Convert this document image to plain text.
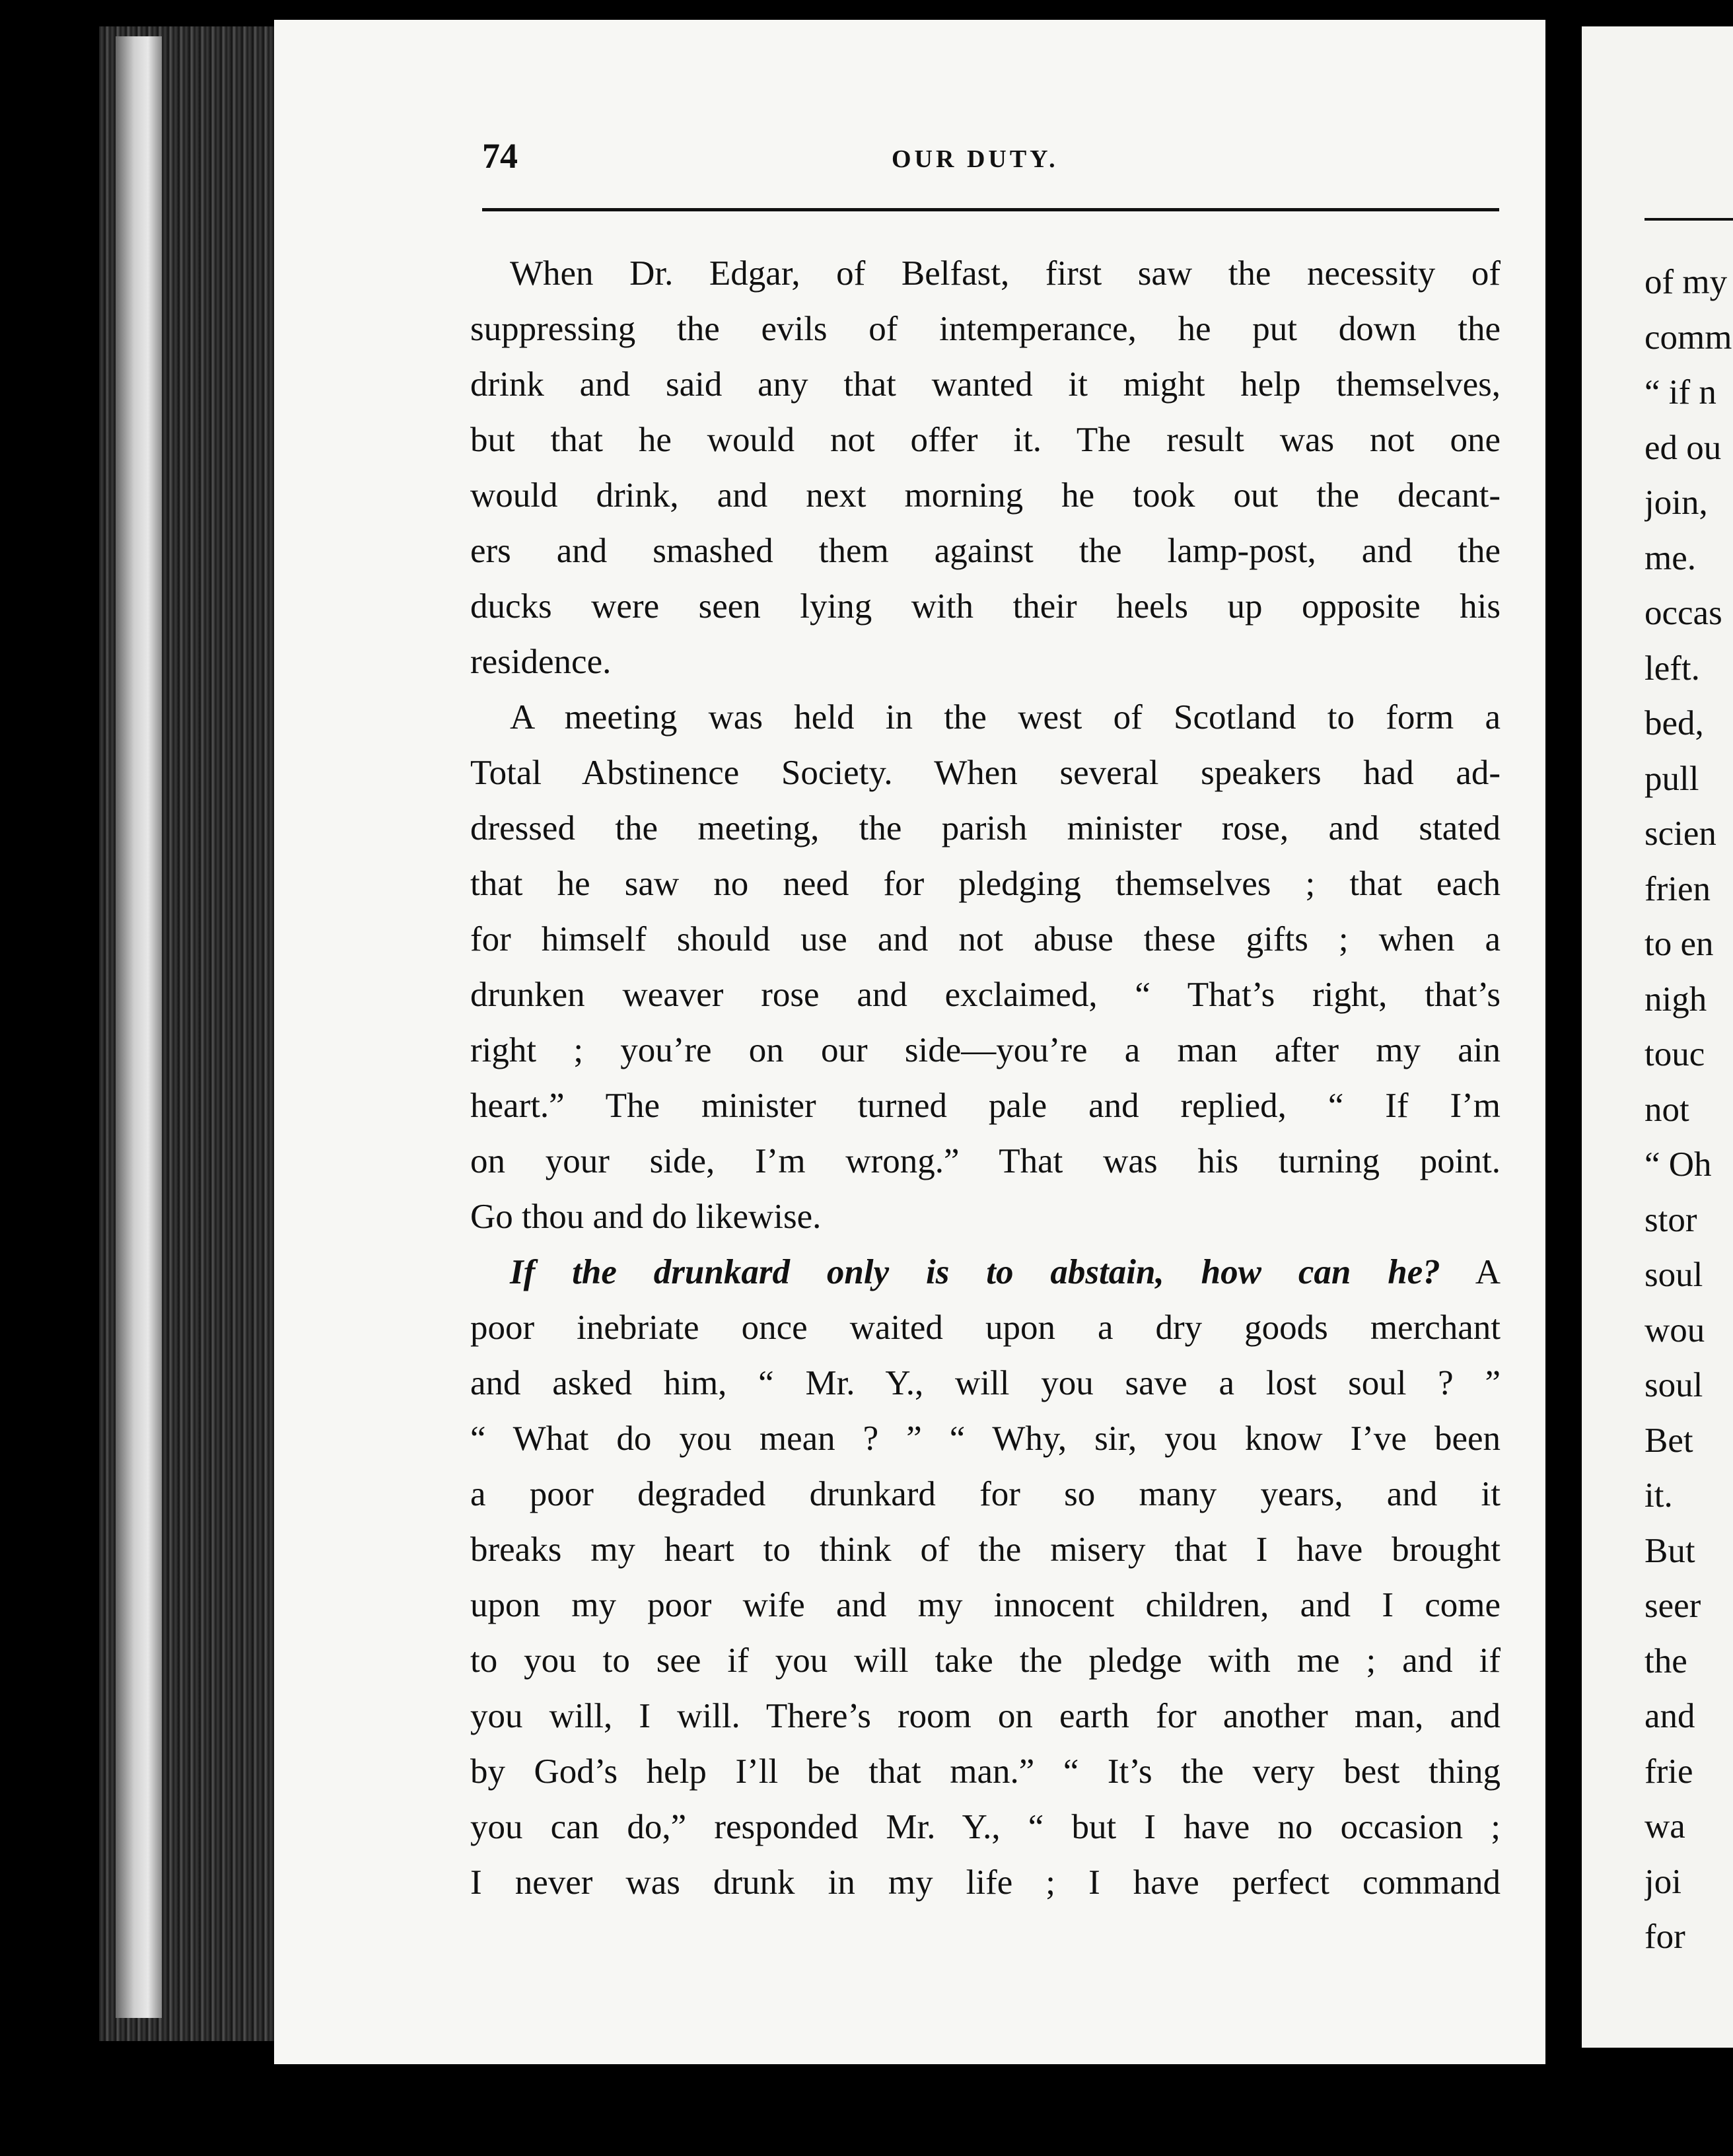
74	OUR DUTY.
When Dr. Edgar, of Belfast, first saw the necessity of
suppressing the evils of intemperance, he put down the
drink and said any that wanted it might help themselves,
but that he would not offer it. The result was not one
would drink, and next morning he took out the decant-
ers and smashed them against the lamp-post, and the
ducks were seen lying with their heels up opposite his
residence.
A meeting was held in the west of Scotland to form a
Total Abstinence Society. When several speakers had ad-
dressed the meeting, the parish minister rose, and stated
that he saw no need for pledging themselves ; that each
for himself should use and not abuse these gifts ; when a
drunken weaver rose and exclaimed, “ That’s right, that’s
right ; you’re on our side—you’re a man after my ain
heart.” The minister turned pale and replied, “ If I’m
on your side, I’m wrong.” That was his turning point.
Go thou and do likewise.
If the drunkard only is to abstain, how can he? A
poor inebriate once waited upon a dry goods merchant
and asked him, “ Mr. Y., will you save a lost soul ? ”
“ What do you mean ? ” “ Why, sir, you know I’ve been
a poor degraded drunkard for so many years, and it
breaks my heart to think of the misery that I have brought
upon my poor wife and my innocent children, and I come
to you to see if you will take the pledge with me ; and if
you will, I will. There’s room on earth for another man, and
by God’s help I’ll be that man.” “ It’s the very best thing
you can do,” responded Mr. Y., “ but I have no occasion ;
I never was drunk in my life ; I have perfect command
of my
comm
“ if n
ed ou
join,
me.
occas
left.
bed,
pull
scien
frien
to en
nigh
touc
not
“ Oh
stor
soul
wou
soul
Bet
it.
But
seer
the
and
frie
wa
joi
for
